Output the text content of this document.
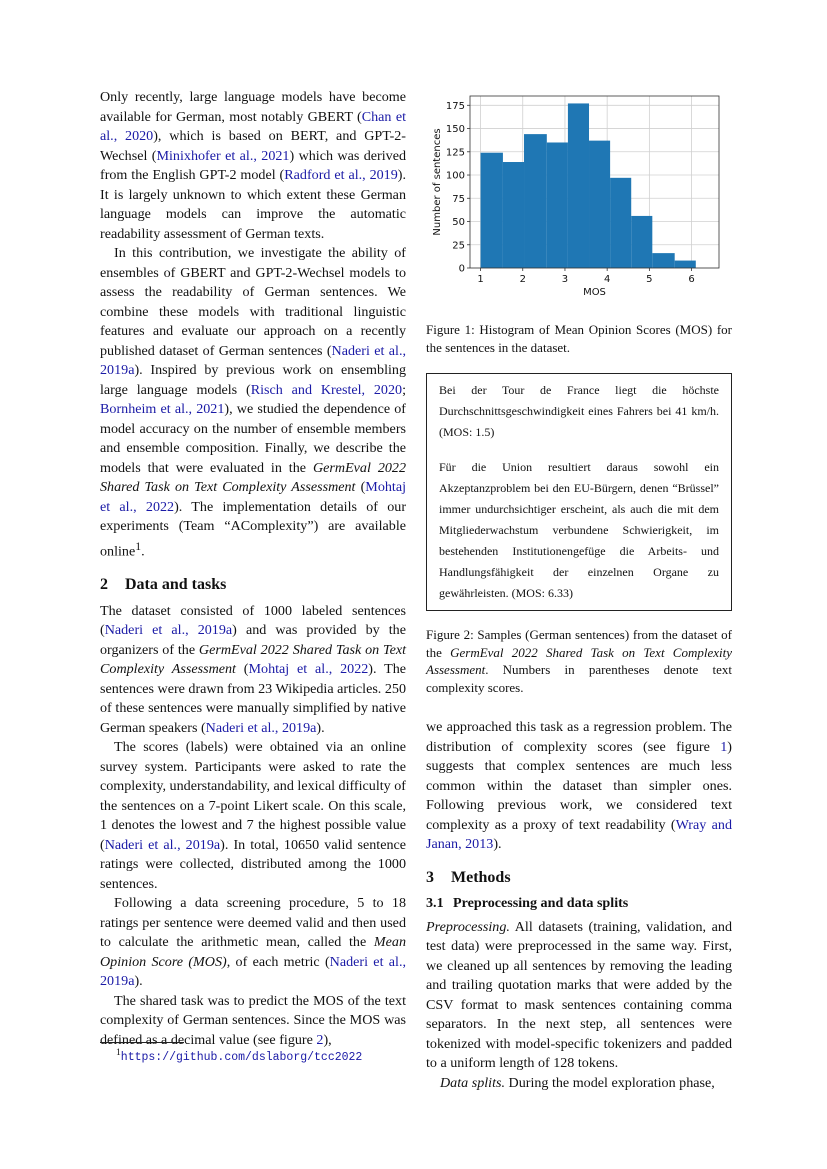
Only recently, large language models have become available for German, most notably GBERT (Chan et al., 2020), which is based on BERT, and GPT-2-Wechsel (Minixhofer et al., 2021) which was derived from the English GPT-2 model (Radford et al., 2019). It is largely unknown to which extent these German language models can improve the automatic readability assessment of German texts.

In this contribution, we investigate the ability of ensembles of GBERT and GPT-2-Wechsel models to assess the readability of German sentences. We combine these models with traditional linguistic features and evaluate our approach on a recently published dataset of German sentences (Naderi et al., 2019a). Inspired by previous work on ensembling large language models (Risch and Krestel, 2020; Bornheim et al., 2021), we studied the dependence of model accuracy on the number of ensemble members and ensemble composition. Finally, we describe the models that were evaluated in the GermEval 2022 Shared Task on Text Complexity Assessment (Mohtaj et al., 2022). The implementation details of our experiments (Team “AComplexity”) are available online$^1$.

2 Data and tasks

The dataset consisted of 1000 labeled sentences (Naderi et al., 2019a) and was provided by the organizers of the GermEval 2022 Shared Task on Text Complexity Assessment (Mohtaj et al., 2022). The sentences were drawn from 23 Wikipedia articles. 250 of these sentences were manually simplified by native German speakers (Naderi et al., 2019a).

The scores (labels) were obtained via an online survey system. Participants were asked to rate the complexity, understandability, and lexical difficulty of the sentences on a 7-point Likert scale. On this scale, 1 denotes the lowest and 7 the highest possible value (Naderi et al., 2019a). In total, 10650 valid sentence ratings were collected, distributed among the 1000 sentences.

Following a data screening procedure, 5 to 18 ratings per sentence were deemed valid and then used to calculate the arithmetic mean, called the Mean Opinion Score (MOS), of each metric (Naderi et al., 2019a).

The shared task was to predict the MOS of the text complexity of German sentences. Since the MOS was defined as a decimal value (see figure 2),

$^1$https://github.com/dslaborg/tcc2022
0
25
50
75
100
125
150
175
1	2	3	4	5	6
MOS
Number of sentences
Figure 1: Histogram of Mean Opinion Scores (MOS) for the sentences in the dataset.

Bei der Tour de France liegt die höchste Durchschnittsgeschwindigkeit eines Fahrers bei 41 km/h. (MOS: 1.5)

Für die Union resultiert daraus sowohl ein Akzeptanzproblem bei den EU-Bürgern, denen “Brüssel” immer undurchsichtiger erscheint, als auch die mit dem Mitgliederwachstum verbundene Schwierigkeit, im bestehenden Institutionengefüge die Arbeits- und Handlungsfähigkeit der einzelnen Organe zu gewährleisten. (MOS: 6.33)

Figure 2: Samples (German sentences) from the dataset of the GermEval 2022 Shared Task on Text Complexity Assessment. Numbers in parentheses denote text complexity scores.

we approached this task as a regression problem. The distribution of complexity scores (see figure 1) suggests that complex sentences are much less common within the dataset than simpler ones. Following previous work, we considered text complexity as a proxy of text readability (Wray and Janan, 2013).

3 Methods
3.1 Preprocessing and data splits

Preprocessing. All datasets (training, validation, and test data) were preprocessed in the same way. First, we cleaned up all sentences by removing the leading and trailing quotation marks that were added by the CSV format to mask sentences containing comma separators. In the next step, all sentences were tokenized with model-specific tokenizers and padded to a uniform length of 128 tokens.

Data splits. During the model exploration phase,
